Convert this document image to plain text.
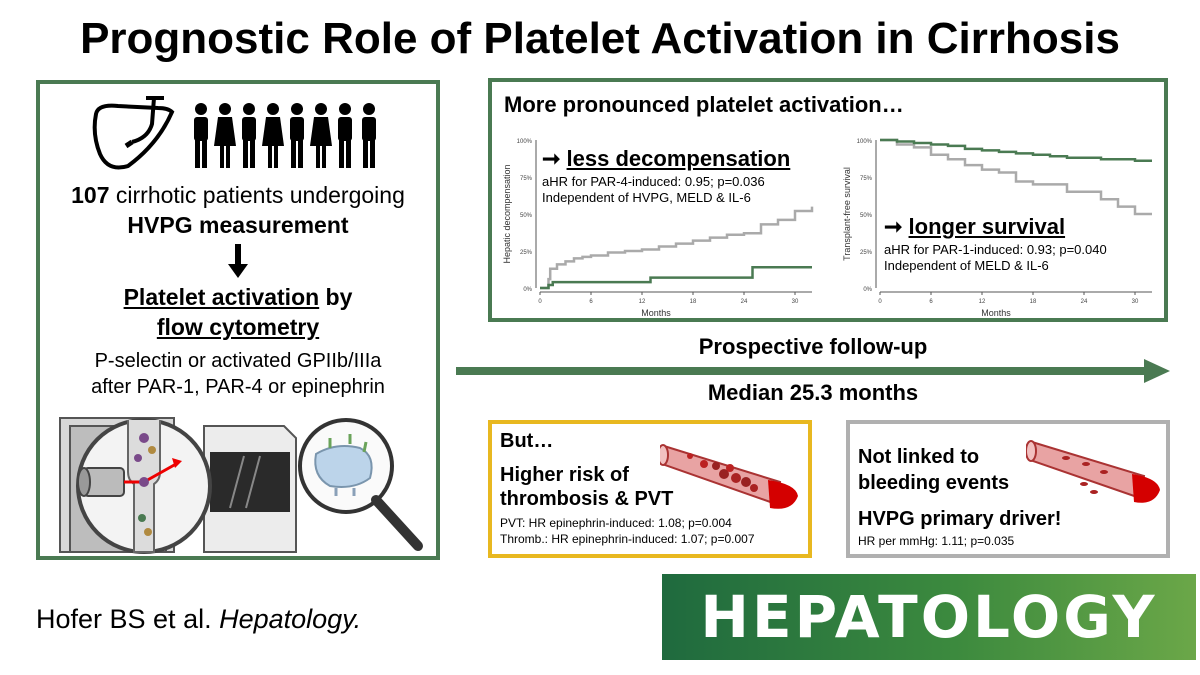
Prognostic Role of Platelet Activation in Cirrhosis
107 cirrhotic patients undergoing
HVPG measurement
Platelet activation by
flow cytometry
P-selectin or activated GPIIb/IIIa
after PAR-1, PAR-4 or epinephrin
More pronounced platelet activation…
0%
25%
50%
75%
100%
0	6	12	18	24	30
Months
Hepatic decompensation
➞ less decompensation
aHR for PAR-4-induced: 0.95; p=0.036
Independent of HVPG, MELD & IL-6
0%
25%
50%
75%
100%
0	6	12	18	24	30
Months
Transplant-free survival ➞ longer survival
aHR for PAR-1-induced: 0.93; p=0.040
Independent of MELD & IL-6
Prospective follow-up
Median 25.3 months
But…
Higher risk of
thrombosis & PVT
PVT: HR epinephrin-induced: 1.08; p=0.004
Thromb.: HR epinephrin-induced: 1.07; p=0.007
Not linked to
bleeding events
HVPG primary driver!
HR per mmHg: 1.11; p=0.035
Hofer BS et al. Hepatology.	HEPATOLOGY
